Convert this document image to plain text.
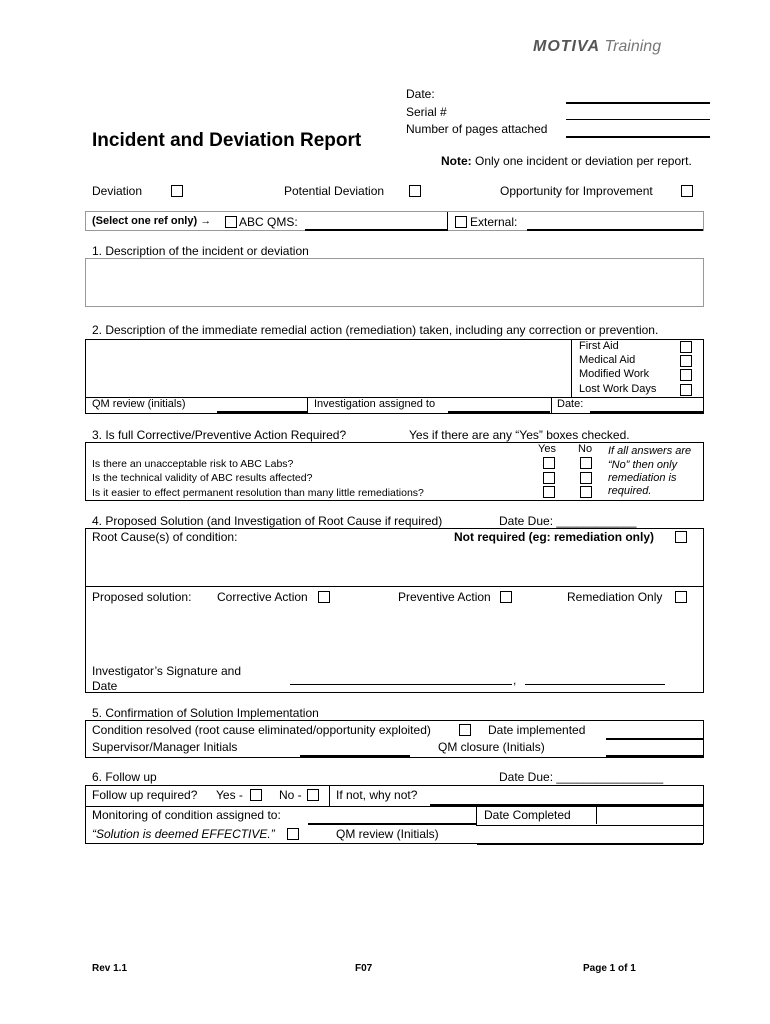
MOTIVA Training
Date:
Serial #
Number of pages attached
Incident and Deviation Report
Note: Only one incident or deviation per report.
Deviation	Potential Deviation	Opportunity for Improvement
(Select one ref only) → ABC QMS:	External:
1. Description of the incident or deviation
2. Description of the immediate remedial action (remediation) taken, including any correction or prevention.
First Aid
Medical Aid
Modified Work
Lost Work Days
QM review (initials)	Investigation assigned to	Date:
3. Is full Corrective/Preventive Action Required?	Yes if there are any “Yes” boxes checked.
Yes No
Is there an unacceptable risk to ABC Labs?
Is the technical validity of ABC results affected?
Is it easier to effect permanent resolution than many little remediations?
If all answers are
“No” then only
remediation is
required.
4. Proposed Solution (and Investigation of Root Cause if required)	Date Due: ____________
Root Cause(s) of condition:	Not required (eg: remediation only)
Proposed solution: Corrective Action	Preventive Action	Remediation Only
Investigator’s Signature and
Date	,
5. Confirmation of Solution Implementation
Condition resolved (root cause eliminated/opportunity exploited)	Date implemented
Supervisor/Manager Initials	QM closure (Initials)
6. Follow up	Date Due: ________________
Follow up required? Yes -	No -	If not, why not?
Monitoring of condition assigned to:	Date Completed
“Solution is deemed EFFECTIVE.”	QM review (Initials)
Rev 1.1	F07	Page 1 of 1
